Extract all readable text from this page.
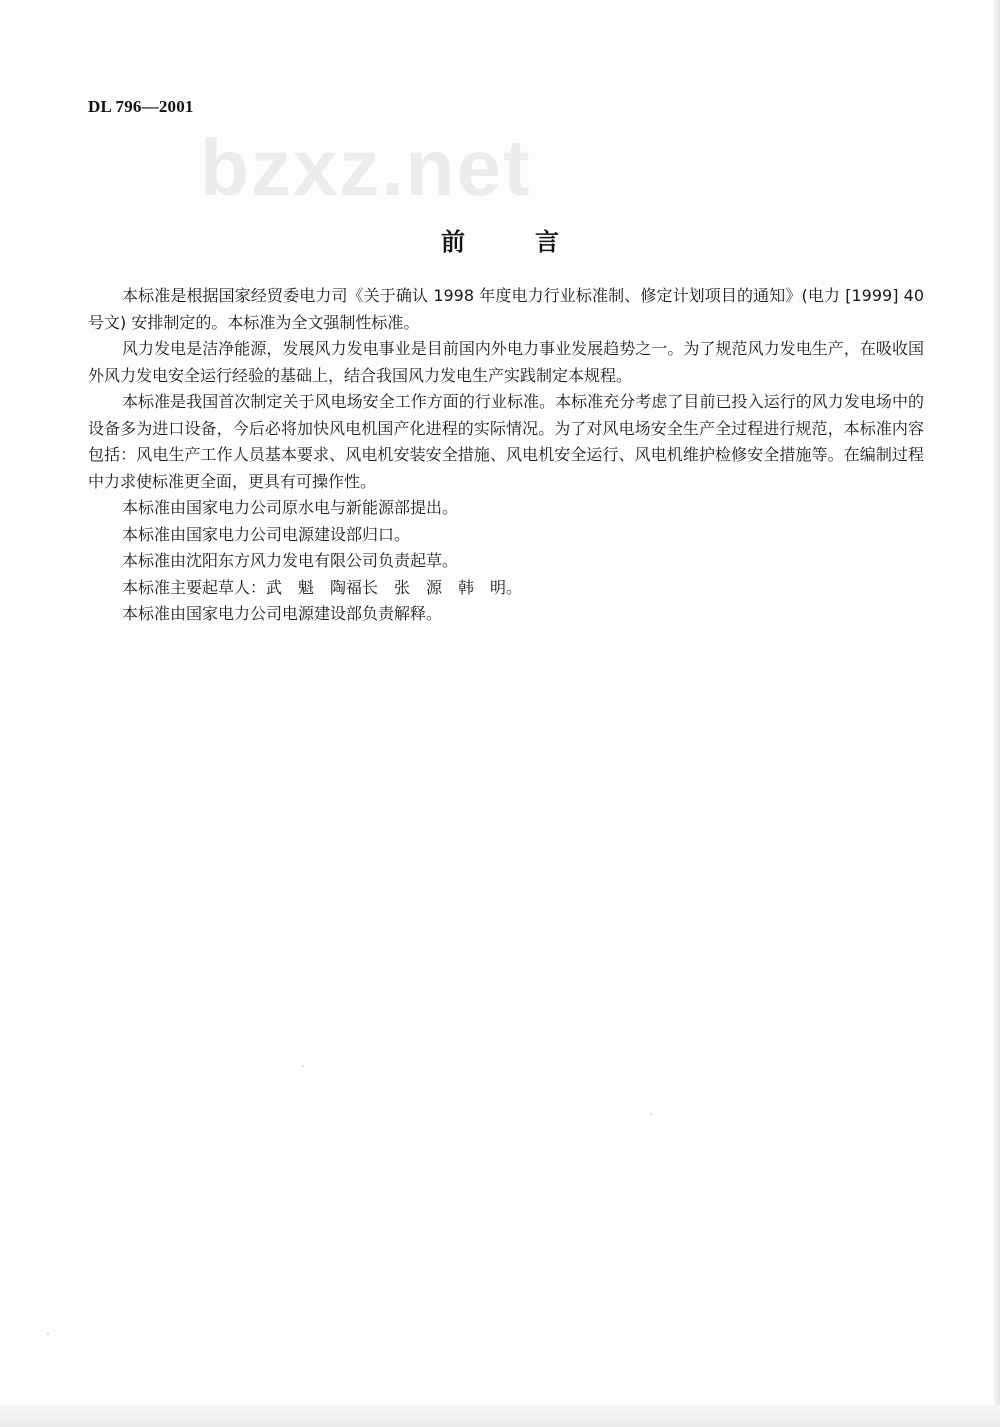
DL 796—2001
bzxz.net
前	言

本标准是根据国家经贸委电力司《关于确认 1998 年度电力行业标准制、修定计划项目的通知》(电力 [1999] 40 号文) 安排制定的。本标准为全文强制性标准。

风力发电是洁净能源，发展风力发电事业是目前国内外电力事业发展趋势之一。为了规范风力发电生产，在吸收国外风力发电安全运行经验的基础上，结合我国风力发电生产实践制定本规程。

本标准是我国首次制定关于风电场安全工作方面的行业标准。本标准充分考虑了目前已投入运行的风力发电场中的设备多为进口设备，今后必将加快风电机国产化进程的实际情况。为了对风电场安全生产全过程进行规范，本标准内容包括：风电生产工作人员基本要求、风电机安装安全措施、风电机安全运行、风电机维护检修安全措施等。在编制过程中力求使标准更全面，更具有可操作性。

本标准由国家电力公司原水电与新能源部提出。

本标准由国家电力公司电源建设部归口。

本标准由沈阳东方风力发电有限公司负责起草。

本标准主要起草人：武　魁　陶福长　张　源　韩　明。

本标准由国家电力公司电源建设部负责解释。
